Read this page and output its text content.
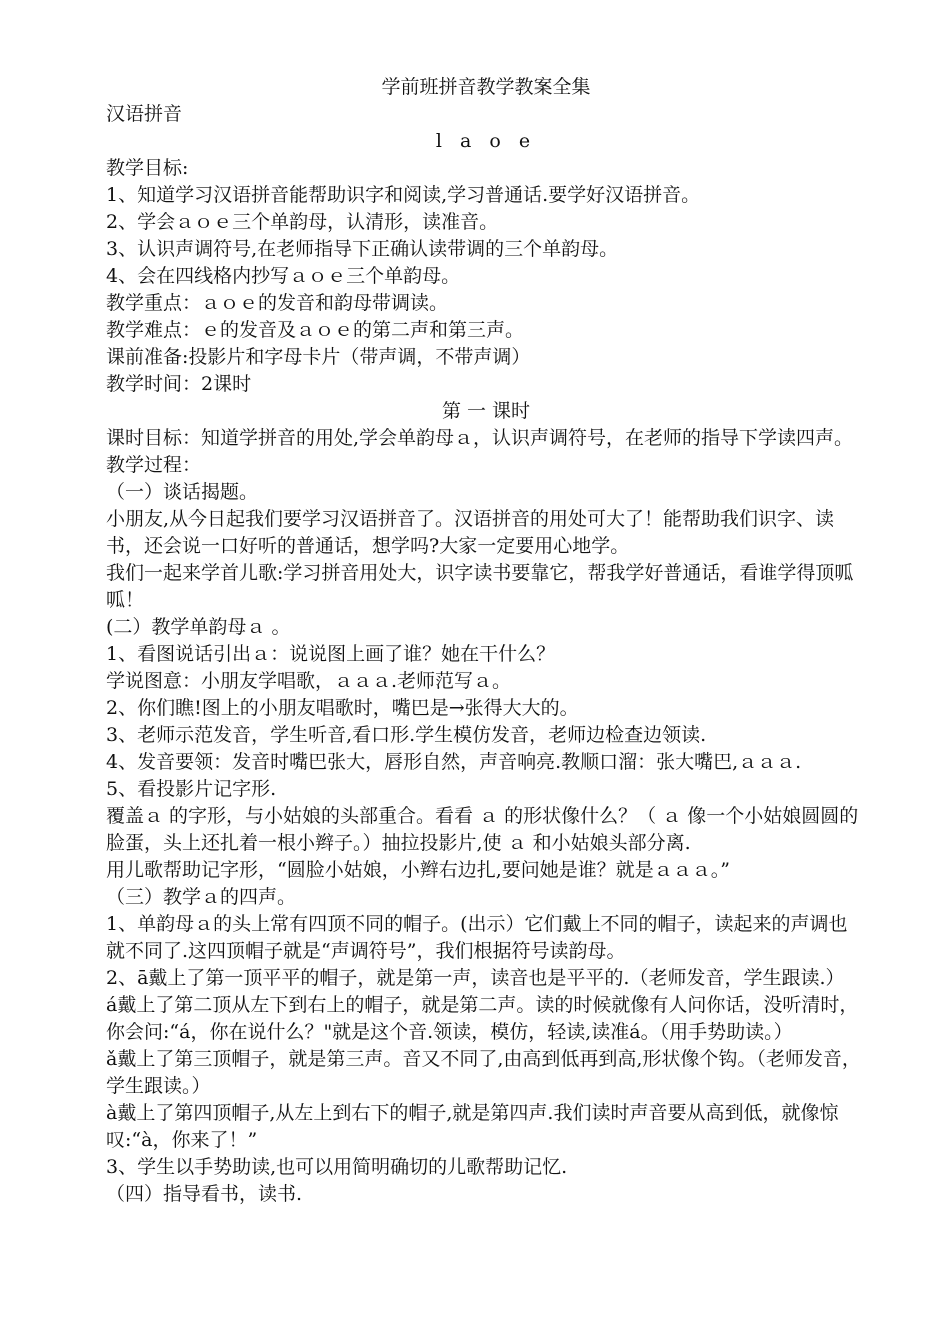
学前班拼音教学教案全集
汉语拼音
l a o e
教学目标:
1、知道学习汉语拼音能帮助识字和阅读,学习普通话.要学好汉语拼音。
2、学会ａｏｅ三个单韵母，认清形，读准音。
3、认识声调符号,在老师指导下正确认读带调的三个单韵母。
4、会在四线格内抄写ａｏｅ三个单韵母。
教学重点：ａｏｅ的发音和韵母带调读。
教学难点：ｅ的发音及ａｏｅ的第二声和第三声。
课前准备:投影片和字母卡片（带声调，不带声调）
教学时间：2课时
第 一 课时
课时目标：知道学拼音的用处,学会单韵母ａ，认识声调符号，在老师的指导下学读四声。
教学过程：
（一）谈话揭题。
小朋友,从今日起我们要学习汉语拼音了。汉语拼音的用处可大了！能帮助我们识字、读书，还会说一口好听的普通话，想学吗?大家一定要用心地学。
我们一起来学首儿歌:学习拼音用处大，识字读书要靠它，帮我学好普通话，看谁学得顶呱呱！
(二）教学单韵母ａ 。
1、看图说话引出ａ：说说图上画了谁？她在干什么？
学说图意：小朋友学唱歌，ａａａ.老师范写ａ。
2、你们瞧!图上的小朋友唱歌时，嘴巴是→张得大大的。
3、老师示范发音，学生听音,看口形.学生模仿发音，老师边检查边领读.
4、发音要领：发音时嘴巴张大，唇形自然，声音响亮.教顺口溜：张大嘴巴,ａａａ.
5、看投影片记字形.
覆盖ａ 的字形，与小姑娘的头部重合。看看 ａ 的形状像什么？（ ａ 像一个小姑娘圆圆的脸蛋，头上还扎着一根小辫子。）抽拉投影片,使 ａ 和小姑娘头部分离.
用儿歌帮助记字形，“圆脸小姑娘，小辫右边扎,要问她是谁？就是ａａａ。”
（三）教学ａ的四声。
1、单韵母ａ的头上常有四顶不同的帽子。(出示）它们戴上不同的帽子，读起来的声调也就不同了.这四顶帽子就是“声调符号”，我们根据符号读韵母。
2、ā戴上了第一顶平平的帽子，就是第一声，读音也是平平的.（老师发音，学生跟读.）
á戴上了第二顶从左下到右上的帽子，就是第二声。读的时候就像有人问你话，没听清时，你会问:“á，你在说什么？"就是这个音.领读，模仿，轻读,读准á。（用手势助读。）
ǎ戴上了第三顶帽子，就是第三声。音又不同了,由高到低再到高,形状像个钩。（老师发音，学生跟读。）
à戴上了第四顶帽子,从左上到右下的帽子,就是第四声.我们读时声音要从高到低，就像惊叹:“à，你来了！”
3、学生以手势助读,也可以用简明确切的儿歌帮助记忆.
（四）指导看书，读书.
